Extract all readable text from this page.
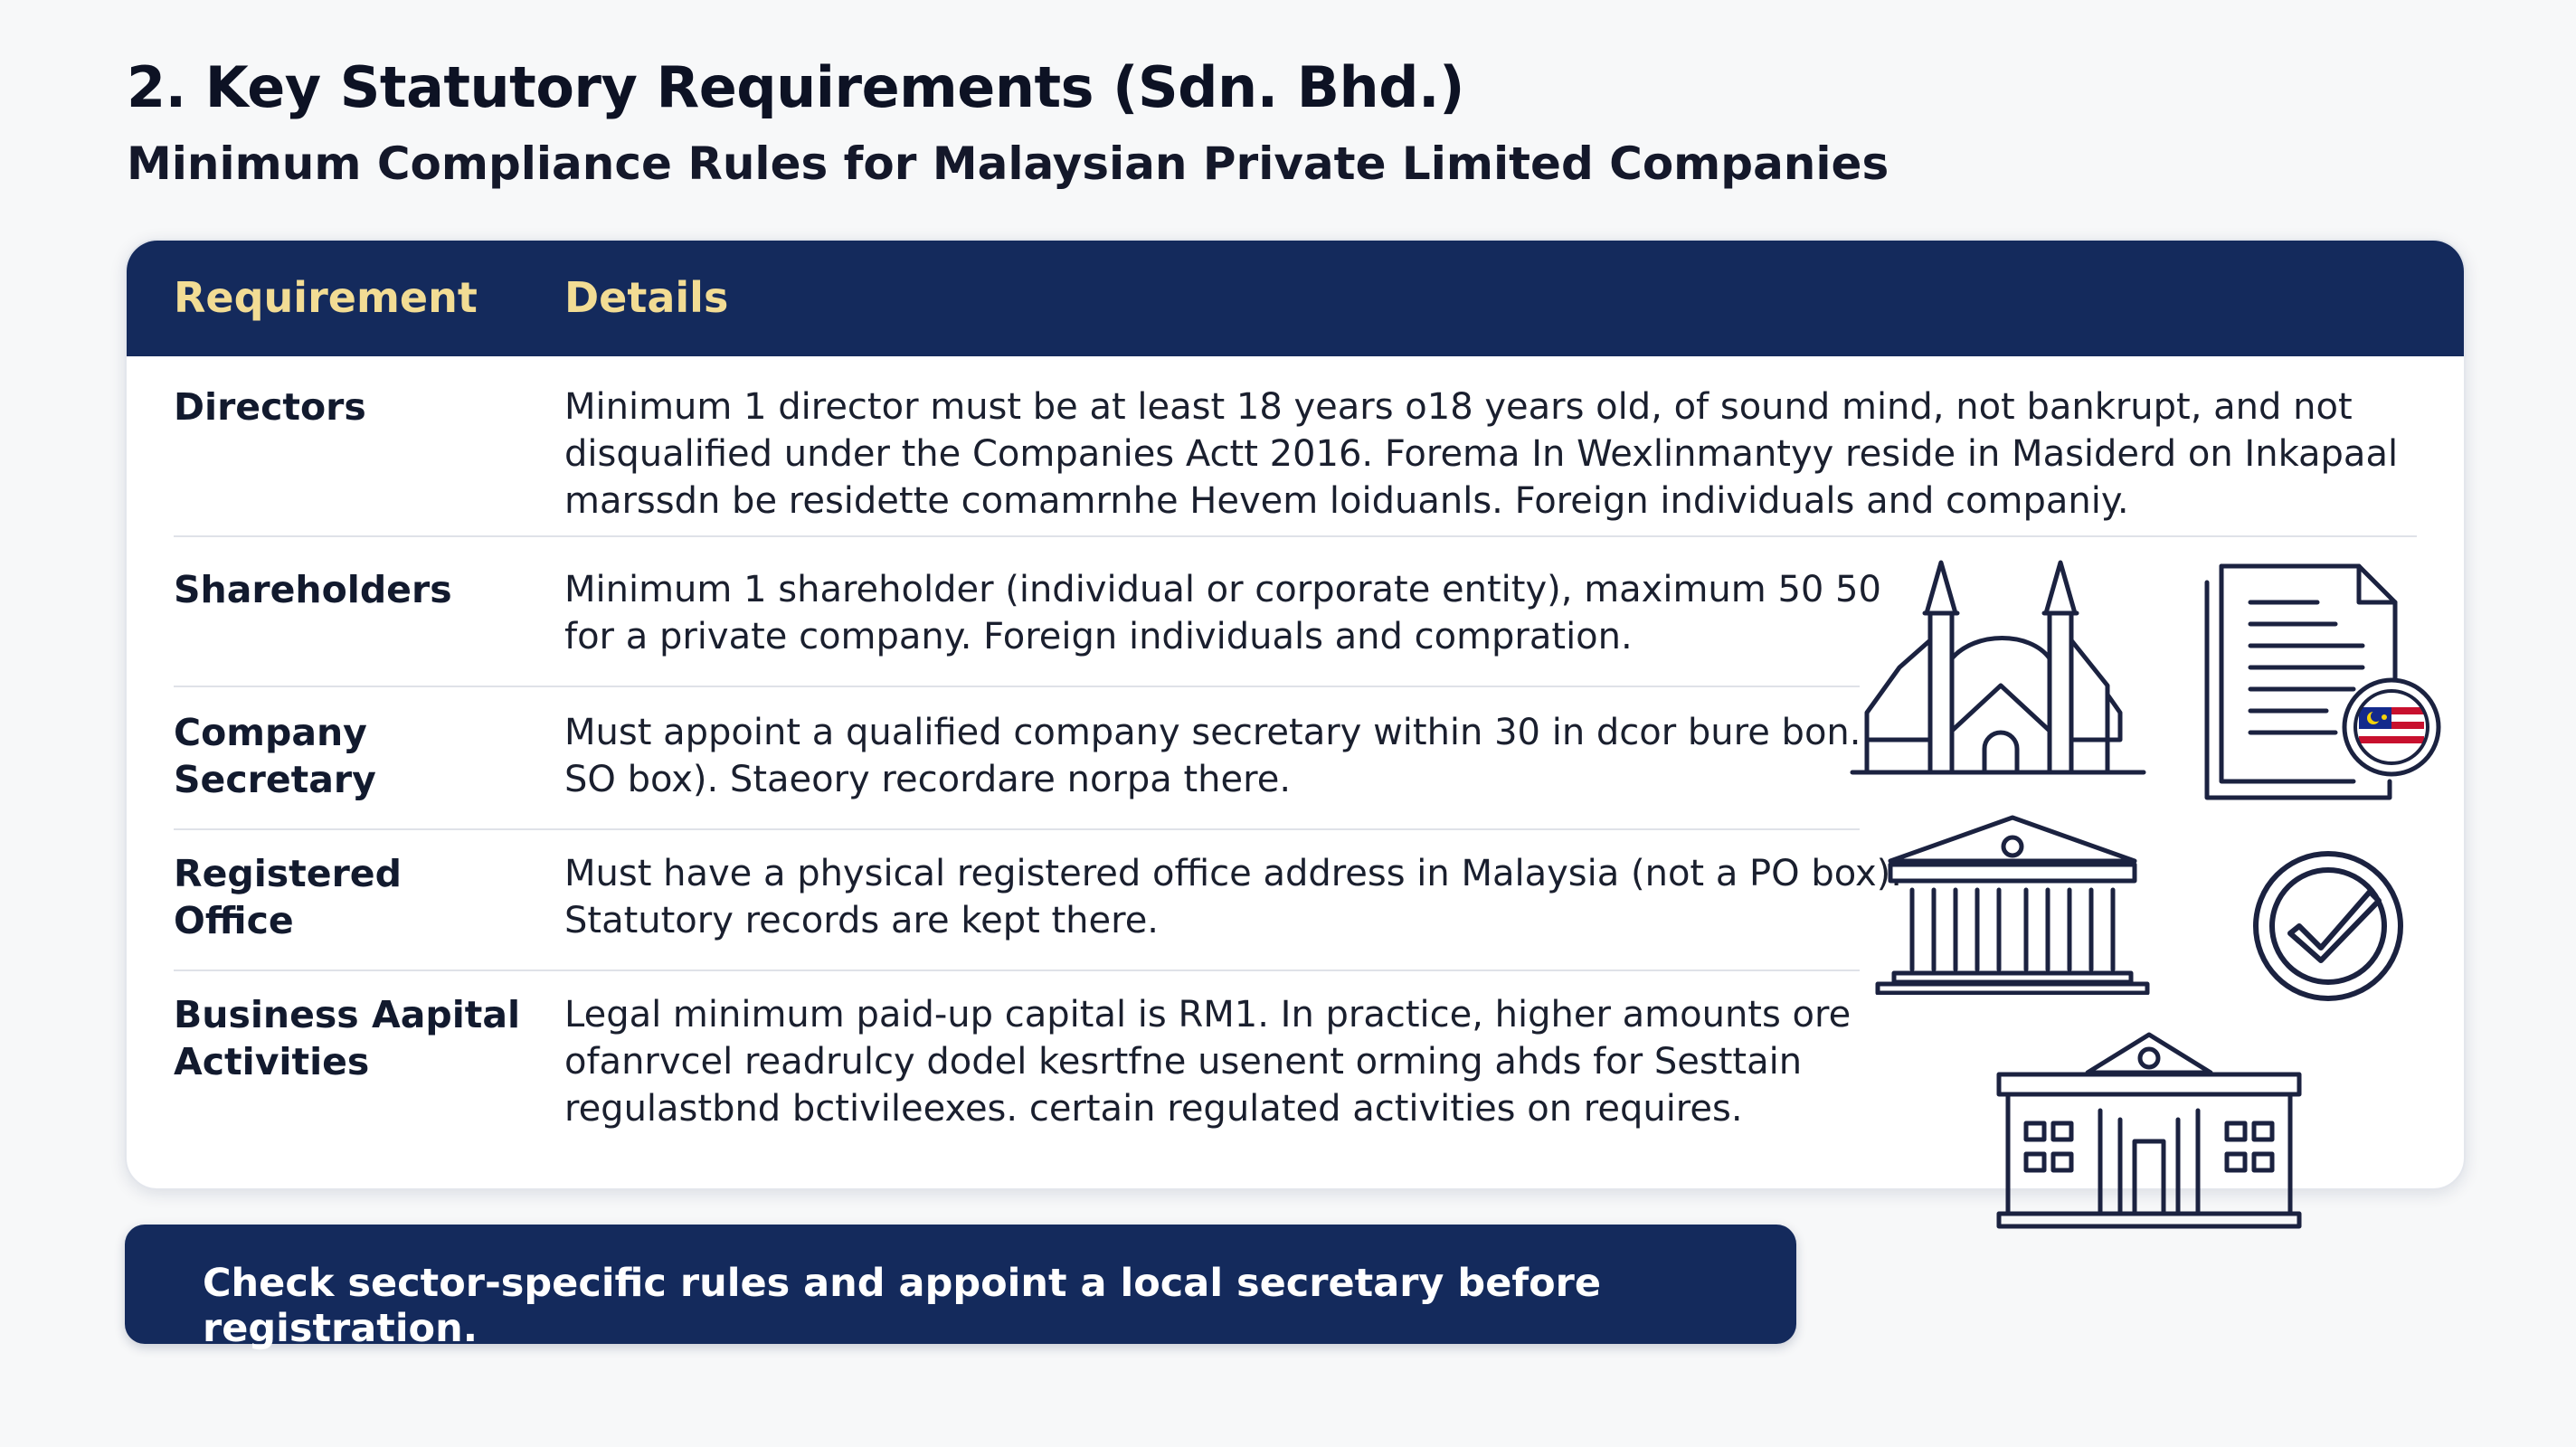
2. Key Statutory Requirements (Sdn. Bhd.)
Minimum Compliance Rules for Malaysian Private Limited Companies
Requirement Details
Directors	Minimum 1 director must be at least 18 years o18 years old, of sound mind, not bankrupt, and not disqualified under the Companies Actt 2016. Forema In Wexlinmantyy reside in Masiderd on Inkapaal marssdn be residette comamrnhe Hevem loiduanls. Foreign individuals and companiy.
Shareholders	Minimum 1 shareholder (individual or corporate entity), maximum 50 50 for a private company. Foreign individuals and compration.
Company
Secretary
Must appoint a qualified company secretary within 30 in dcor bure bon. SO box). Staeory recordare norpa there.
Registered
Office
Must have a physical registered office address in Malaysia (not a PO box). Statutory records are kept there.
Business Aapital
Activities
Legal minimum paid-up capital is RM1. In practice, higher amounts ore ofanrvcel readrulcy dodel kesrtfne usenent orming ahds for Sesttain regulastbnd bctivileexes. certain regulated activities on requires.
Check sector-specific rules and appoint a local secretary before registration.
